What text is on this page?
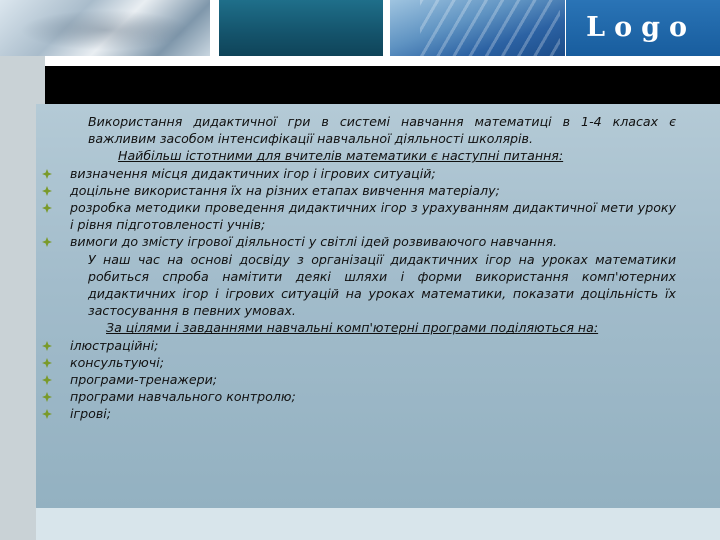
Logo

Використання дидактичної гри в системі навчання математиці в 1-4 класах є важливим засобом інтенсифікації навчальної діяльності школярів.

Найбільш істотними для вчителів математики є наступні питання:

визначення місця дидактичних ігор і ігрових ситуацій;

доцільне використання їх на різних етапах вивчення матеріалу;

розробка методики проведення дидактичних ігор з урахуванням дидактичної мети уроку і рівня підготовленості учнів;

вимоги до змісту ігрової діяльності у світлі ідей розвиваючого навчання.

У наш час на основі досвіду з організації дидактичних ігор на уроках математики робиться спроба намітити деякі шляхи і форми використання комп'ютерних дидактичних ігор і ігрових ситуацій на уроках математики, показати доцільність їх застосування в певних умовах.

За цілями і завданнями навчальні комп'ютерні програми поділяються на:

ілюстраційні;

консультуючі;

програми-тренажери;

програми навчального контролю;

ігрові;
